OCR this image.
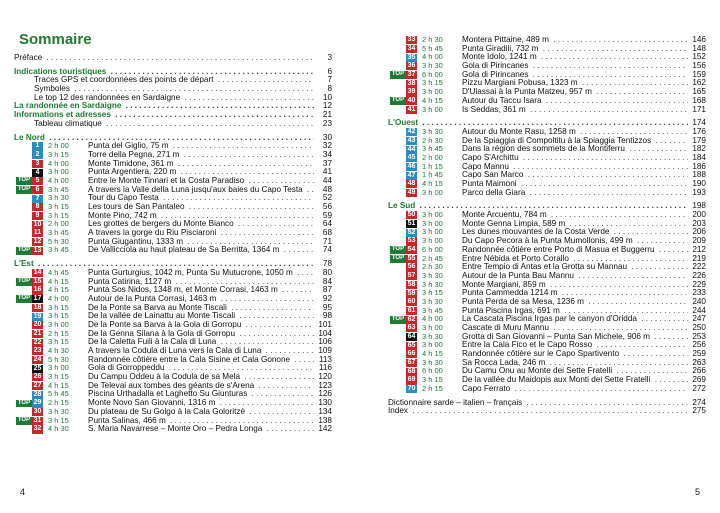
Sommaire
Préface . . .	3
Indications touristiques . . .	6
Traces GPS et coordonnées des points de départ . . .	7
Symboles . . .	8
Le top 12 des randonnées en Sardaigne . . .	10
La randonnée en Sardaigne . . .	12
Informations et adresses . . .	21
Tableau climatique . . .	23
Le Nord . . .	30
1	2 h 00	Punta del Giglio, 75 m . . .	32
2	3 h 15	Torre della Pegna, 271 m . . .	34
3	4 h 00	Monte Timidone, 361 m . . .	37
4	3 h 00	Punta Argentiera, 220 m . . .	41
TOP 5	4 h 00	Entre le Monte Tinnari et la Costa Paradiso . . .	44
TOP 6	3 h 45	À travers la Valle della Luna jusqu'aux baies du Capo Testa . . .	48
7	3 h 30	Tour du Capo Testa . . .	52
8	3 h 15	Les tours de San Pantaleo . . .	56
9	3 h 15	Monte Pino, 742 m . . .	59
10 2 h 00	Les grottes de bergers du Monte Bianco . . .	64
11 3 h 45	À travers la gorge du Riu Pisciaroni . . .	68
12 5 h 30	Punta Giugantinu, 1333 m . . .	71
TOP 13 3 h 45	De Vallicciola au haut plateau de Sa Berritta, 1364 m . . .	74
L'Est . . .	78
14 4 h 45	Punta Gurturgius, 1042 m, Punta Su Mutucrone, 1050 m . . .	80
TOP 15 4 h 15	Punta Catirina, 1127 m . . .	84
16 4 h 15	Punta Sos Nidos, 1348 m, et Monte Corrasi, 1463 m . . .	87
TOP 17 4 h 00	Autour de la Punta Corrasi, 1463 m . . .	92
18 3 h 15	De la Ponte sa Barva au Monte Tiscali . . .	95
19 3 h 15	De la vallée de Lainattu au Monte Tiscali . . .	98
20 3 h 00	De la Ponte sa Barva à la Gola di Gorropu . . .	101
21 2 h 15	De la Genna Silana à la Gola di Gorropu . . .	104
22 3 h 15	De la Caletta Fuili à la Cala di Luna . . .	106
23 4 h 30	À travers la Codula di Luna vers la Cala di Luna . . .	109
24 5 h 30	Randonnée côtière entre la Cala Sisine et Cala Gonone . . .	113
25 3 h 00	Gola di Gorroppeddu . . .	116
26 3 h 15	Du Campu Oddeu à la Codula de sa Mela . . .	120
27 4 h 15	De Televai aux tombes des géants de s'Arena . . .	123
28 5 h 45	Piscina Urthadalla et Laghetto Su Giunturas . . .	126
TOP 29 2 h 15	Monte Novo San Giovanni, 1316 m . . .	130
30 3 h 30	Du plateau de Su Golgo à la Cala Goloritzè . . .	134
TOP 31 3 h 15	Punta Salinas, 466 m . . .	138
32 4 h 30	S. Maria Navarrese – Monte Oro – Pedra Longa . . .	142
4
33 2 h 30	Montera Pittaine, 489 m . . .	146
34 5 h 45	Punta Giradili, 732 m . . .	148
35 4 h 00	Monte Idolo, 1241 m . . .	152
36 3 h 30	Gola di Pirincanes . . .	156
TOP 37 6 h 00	Gola di Pirincanes . . .	159
38 3 h 15	Pizzu Margiani Pobusa, 1323 m . . .	162
39 3 h 00	D'Ulassai à la Punta Matzeu, 957 m . . .	165
TOP 40 4 h 15	Autour du Taccu Isara . . .	168
41 3 h 00	Is Seddas, 361 m . . .	171
L'Ouest . . .	174
42 3 h 30	Autour du Monte Rasu, 1258 m . . .	176
43 2 h 30	De la Spiaggia di Compoltitu à la Spiaggia Tentizzos . . .	179
44 3 h 45	Dans la région des sommets de la Montiferru . . .	182
45 2 h 00	Capo S'Archittu . . .	184
46 1 h 15	Capo Mannu . . .	186
47 1 h 45	Capo San Marco . . .	188
48 4 h 15	Punta Maimoni . . .	190
49 3 h 00	Parco della Giara . . .	193
Le Sud . . .	198
50 3 h 00	Monte Arcuentu, 784 m . . .	200
51 3 h 00	Monte Genna Limpia, 589 m . . .	203
52 3 h 00	Les dunes mouvantes de la Costa Verde . . .	206
53 3 h 00	Du Capo Pecora à la Punta Mumollonis, 499 m . . .	209
TOP 54 6 h 00	Randonnée côtière entre Porto di Masua et Buggerru . . .	212
TOP 55 2 h 45	Entre Nébida et Porto Corallo . . .	219
56 2 h 30	Entre Tempio di Antas et la Grotta su Mannau . . .	222
57 3 h 30	Autour de la Punta Bau Mannu . . .	226
58 3 h 30	Monte Margiani, 859 m . . .	229
59 3 h 15	Punta Cammedda 1214 m . . .	233
60 3 h 30	Punta Perda de sa Mesa, 1236 m . . .	240
61 3 h 45	Punta Piscina Irgas, 691 m . . .	244
TOP 62 4 h 00	La Cascata Piscina Irgas par le canyon d'Oridda . . .	247
63 3 h 00	Cascate di Muru Mannu . . .	250
64 3 h 30	Grotta di San Giovanni – Punta San Michele, 906 m . . .	253
65 3 h 00	Entre la Cala Fico et le Capo Rosso . . .	256
66 4 h 15	Randonnée côtière sur le Capo Spartivento . . .	259
67 3 h 30	Sa Rocca Lada, 246 m . . .	263
68 6 h 00	Du Camu Onu au Monte dei Sette Fratelli . . .	266
69 3 h 15	De la vallée du Maidopis aux Monti dei Sette Fratelli . . .	269
70 2 h 15	Capo Ferrato . . .	272
Dictionnaire sarde – italien – français . . .	274
Index . . .	275
5
